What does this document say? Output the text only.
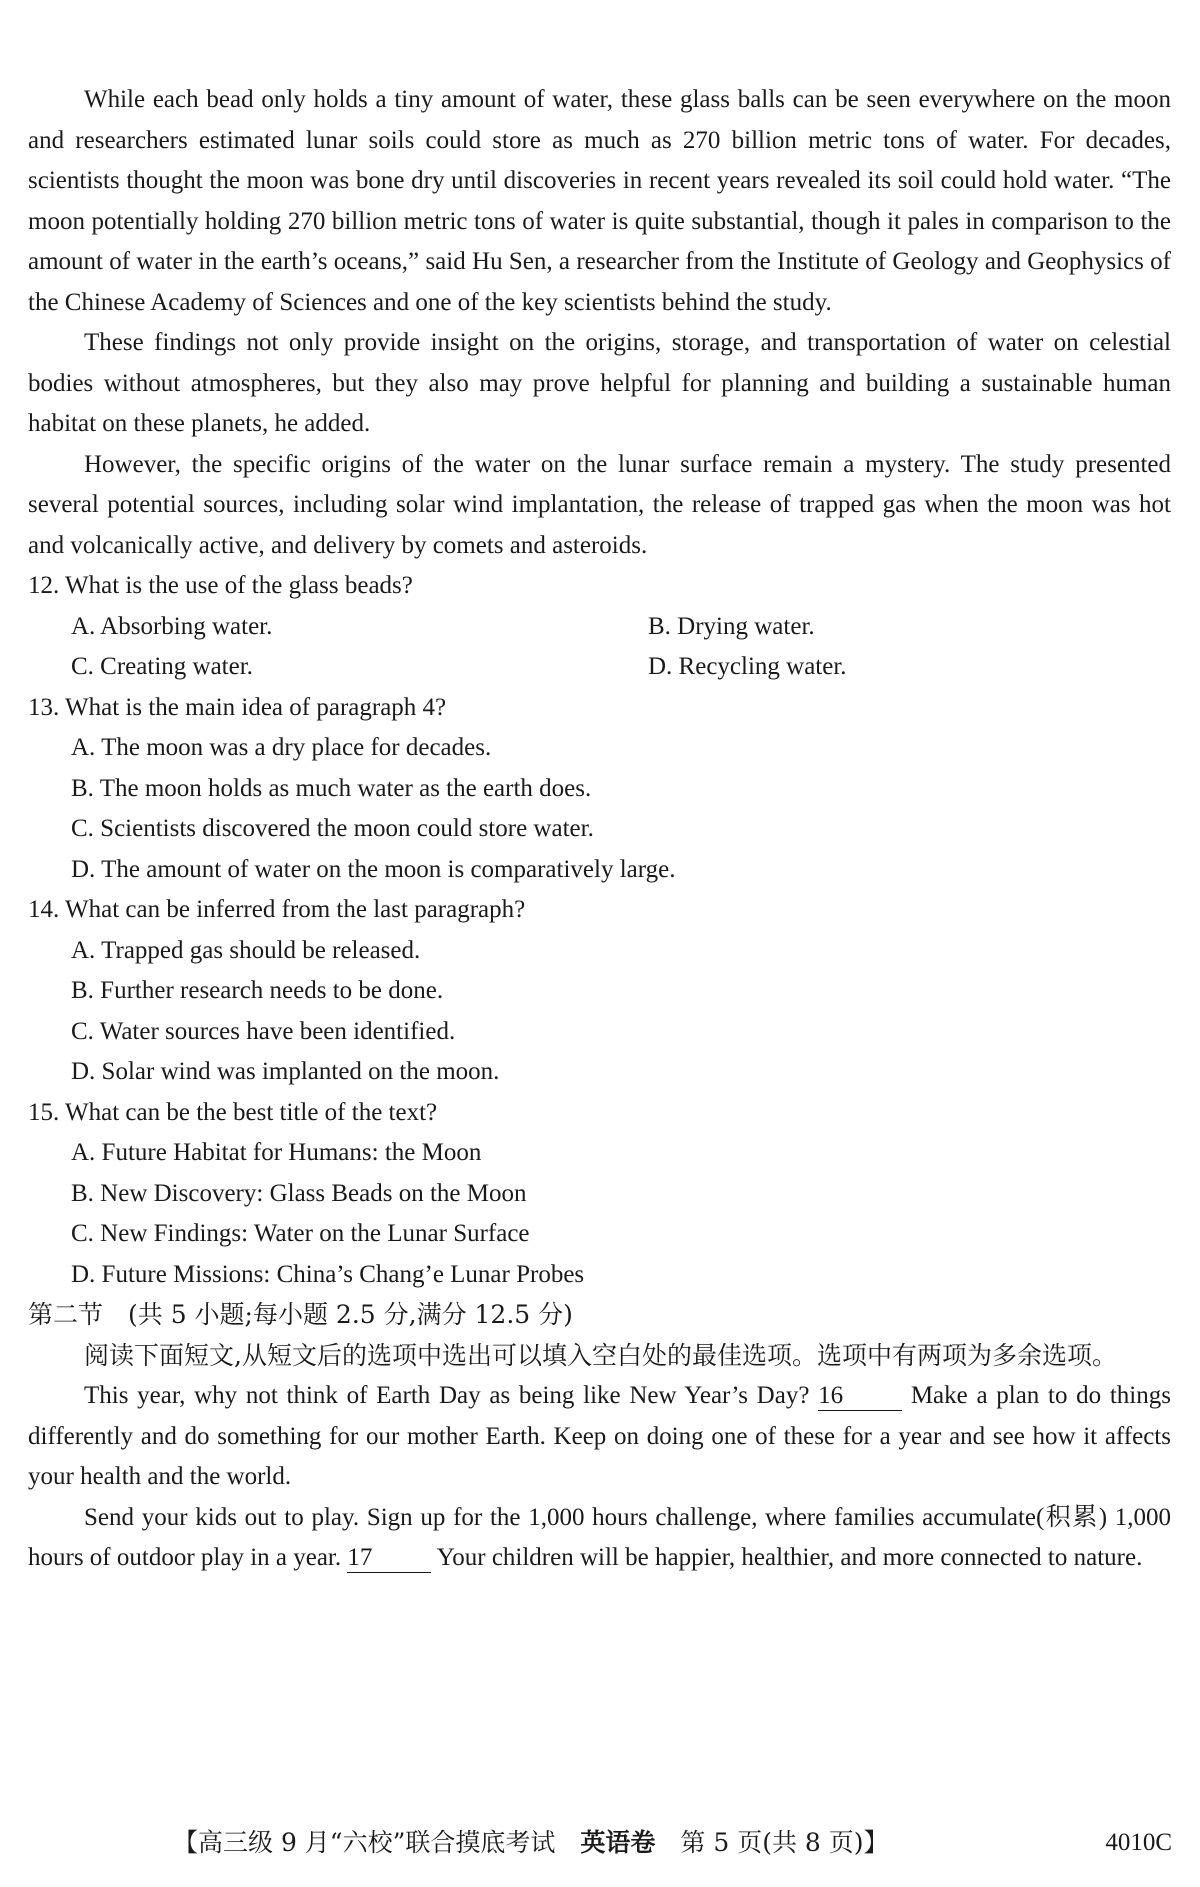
While each bead only holds a tiny amount of water, these glass balls can be seen everywhere on the moon and researchers estimated lunar soils could store as much as 270 billion metric tons of water. For decades, scientists thought the moon was bone dry until discoveries in recent years revealed its soil could hold water. “The moon potentially holding 270 billion metric tons of water is quite substantial, though it pales in comparison to the amount of water in the earth’s oceans,” said Hu Sen, a researcher from the Institute of Geology and Geophysics of the Chinese Academy of Sciences and one of the key scientists behind the study.

These findings not only provide insight on the origins, storage, and transportation of water on celestial bodies without atmospheres, but they also may prove helpful for planning and building a sustainable human habitat on these planets, he added.

However, the specific origins of the water on the lunar surface remain a mystery. The study presented several potential sources, including solar wind implantation, the release of trapped gas when the moon was hot and volcanically active, and delivery by comets and asteroids.

12. What is the use of the glass beads?

A. Absorbing water.	B. Drying water.
C. Creating water.	D. Recycling water.

13. What is the main idea of paragraph 4?

A. The moon was a dry place for decades.

B. The moon holds as much water as the earth does.

C. Scientists discovered the moon could store water.

D. The amount of water on the moon is comparatively large.

14. What can be inferred from the last paragraph?

A. Trapped gas should be released.

B. Further research needs to be done.

C. Water sources have been identified.

D. Solar wind was implanted on the moon.

15. What can be the best title of the text?

A. Future Habitat for Humans: the Moon

B. New Discovery: Glass Beads on the Moon

C. New Findings: Water on the Lunar Surface

D. Future Missions: China’s Chang’e Lunar Probes

第二节　(共 5 小题;每小题 2.5 分,满分 12.5 分)

阅读下面短文,从短文后的选项中选出可以填入空白处的最佳选项。选项中有两项为多余选项。

This year, why not think of Earth Day as being like New Year’s Day? 16 Make a plan to do things differently and do something for our mother Earth. Keep on doing one of these for a year and see how it affects your health and the world.

Send your kids out to play. Sign up for the 1,000 hours challenge, where families accumulate(积累) 1,000 hours of outdoor play in a year. 17 Your children will be happier, healthier, and more connected to nature.

【高三级 9 月“六校”联合摸底考试　英语卷　第 5 页(共 8 页)】	4010C
